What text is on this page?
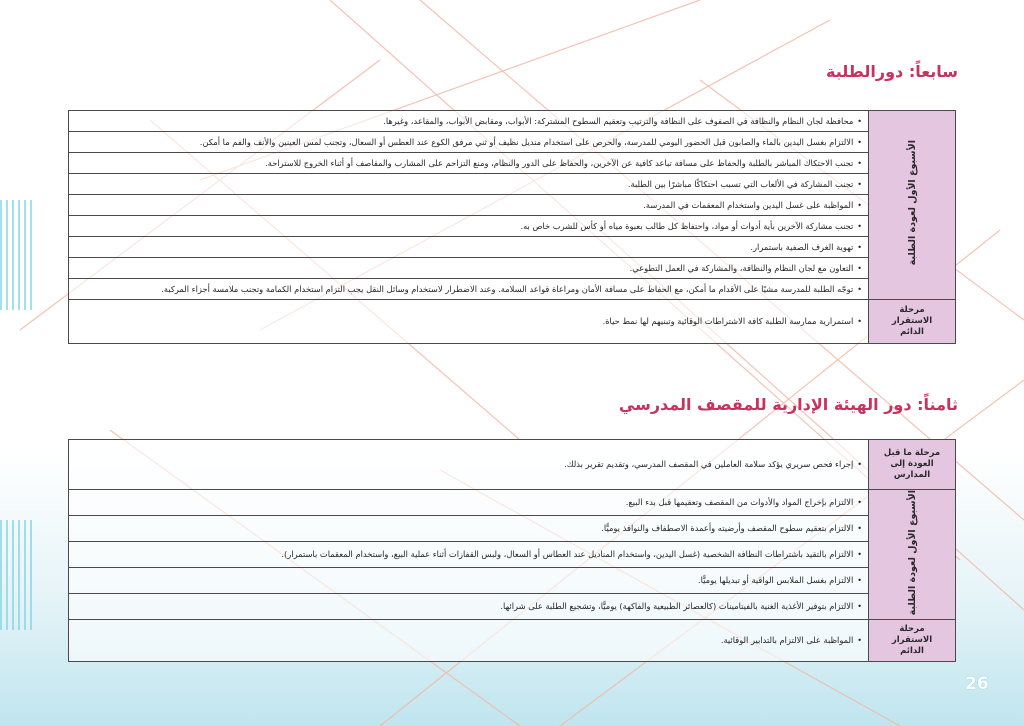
سابعاً: دورالطلبة
الأسبوع الأول لعودة الطلبة	•محافظة لجان النظام والنظافة في الصفوف على النظافة والترتيب وتعقيم السطوح المشتركة: الأبواب، ومقابض الأبواب، والمقاعد، وغيرها.
	•الالتزام بغسل اليدين بالماء والصابون قبل الحضور اليومي للمدرسة، والحرص على استخدام منديل نظيف أو ثني مرفق الكوع عند العطس أو السعال، وتجنب لمس العينين والأنف والفم ما أمكن.
	•تجنب الاحتكاك المباشر بالطلبة والحفاظ على مسافة تباعد كافية عن الآخرين، والحفاظ على الدور والنظام، ومنع التزاحم على المشارب والمقاصف أو أثناء الخروج للاستراحة.
	•تجنب المشاركة في الألعاب التي تسبب احتكاكًا مباشرًا بين الطلبة.
	•المواظبة على غسل اليدين واستخدام المعقمات في المدرسة.
	•تجنب مشاركة الآخرين بأية أدوات أو مواد، واحتفاظ كل طالب بعبوة مياه أو كأس للشرب خاص به.
	•تهوية الغرف الصفية باستمرار.
	•التعاون مع لجان النظام والنظافة، والمشاركة في العمل التطوعي.
	•توجّه الطلبة للمدرسة مشيًا على الأقدام ما أمكن، مع الحفاظ على مسافة الأمان ومراعاة قواعد السلامة. وعند الاضطرار لاستخدام وسائل النقل يجب التزام استخدام الكمامة وتجنب ملامسة أجزاء المركبة.
مرحلة الاستقرار الدائم	•استمرارية ممارسة الطلبة كافة الاشتراطات الوقائية وتبنيهم لها نمط حياة.
ثامناً: دور الهيئة الإدارية للمقصف المدرسي
مرحلة ما قبل العودة إلى المدارس	•إجراء فحص سريري يؤكد سلامة العاملين في المقصف المدرسي، وتقديم تقرير بذلك.
الأسبوع الأول لعودة الطلبة	•الالتزام بإخراج المواد والأدوات من المقصف وتعقيمها قبل بدء البيع.
	•الالتزام بتعقيم سطوح المقصف وأرضيته وأعمدة الاصطفاف والنوافذ يوميًّا.
	•الالتزام بالتقيد باشتراطات النظافة الشخصية (غسل اليدين، واستخدام المناديل عند العطاس أو السعال، ولبس القفازات أثناء عملية البيع، واستخدام المعقمات باستمرار).
	•الالتزام بغسل الملابس الواقية أو تبديلها يوميًّا.
	•الالتزام بتوفير الأغذية الغنية بالفيتامينات (كالعصائر الطبيعية والفاكهة) يوميًّا، وتشجيع الطلبة على شرائها.
مرحلة الاستقرار الدائم	•المواظبة على الالتزام بالتدابير الوقائية.
26
